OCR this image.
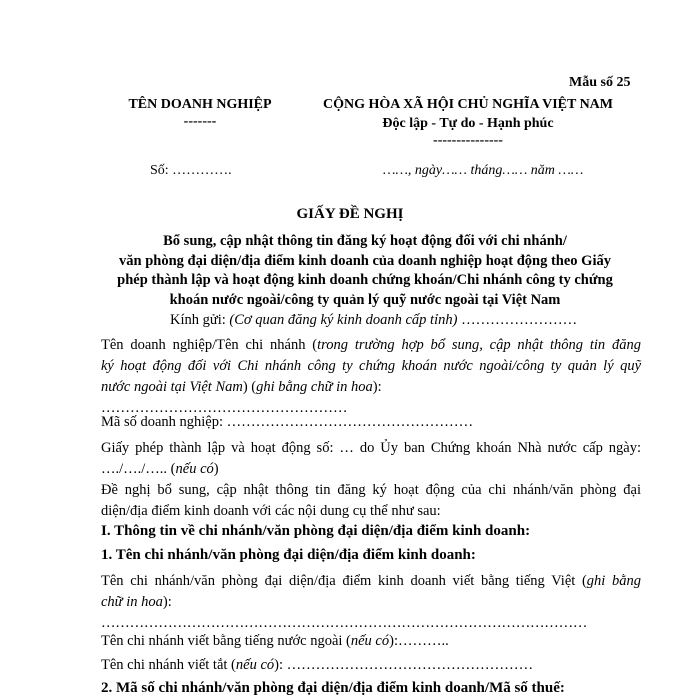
Mẫu số 25
TÊN DOANH NGHIỆP
-------
CỘNG HÒA XÃ HỘI CHỦ NGHĨA VIỆT NAM
Độc lập - Tự do - Hạnh phúc
---------------
Số: ………….	……, ngày…… tháng…… năm ……
GIẤY ĐỀ NGHỊ
Bổ sung, cập nhật thông tin đăng ký hoạt động đối với chi nhánh/
văn phòng đại diện/địa điểm kinh doanh của doanh nghiệp hoạt động theo Giấy
phép thành lập và hoạt động kinh doanh chứng khoán/Chi nhánh công ty chứng
khoán nước ngoài/công ty quản lý quỹ nước ngoài tại Việt Nam
Kính gửi: (Cơ quan đăng ký kinh doanh cấp tỉnh) ……………………
Tên doanh nghiệp/Tên chi nhánh (trong trường hợp bổ sung, cập nhật thông tin đăng
ký hoạt động đối với Chi nhánh công ty chứng khoán nước ngoài/công ty quản lý quỹ
nước ngoài tại Việt Nam) (ghi bằng chữ in hoa):
……………………………………………
Mã số doanh nghiệp: ……………………………………………
Giấy phép thành lập và hoạt động số: … do Ủy ban Chứng khoán Nhà nước cấp ngày:
…./…./….. (nếu có)
Đề nghị bổ sung, cập nhật thông tin đăng ký hoạt động của chi nhánh/văn phòng đại
diện/địa điểm kinh doanh với các nội dung cụ thể như sau:
I. Thông tin về chi nhánh/văn phòng đại diện/địa điểm kinh doanh:
1. Tên chi nhánh/văn phòng đại diện/địa điểm kinh doanh:
Tên chi nhánh/văn phòng đại diện/địa điểm kinh doanh viết bằng tiếng Việt (ghi bằng
chữ in hoa):
…………………………………………………………………………………………
Tên chi nhánh viết bằng tiếng nước ngoài (nếu có):………..
Tên chi nhánh viết tắt (nếu có): ……………………………………………
2. Mã số chi nhánh/văn phòng đại diện/địa điểm kinh doanh/Mã số thuế:
